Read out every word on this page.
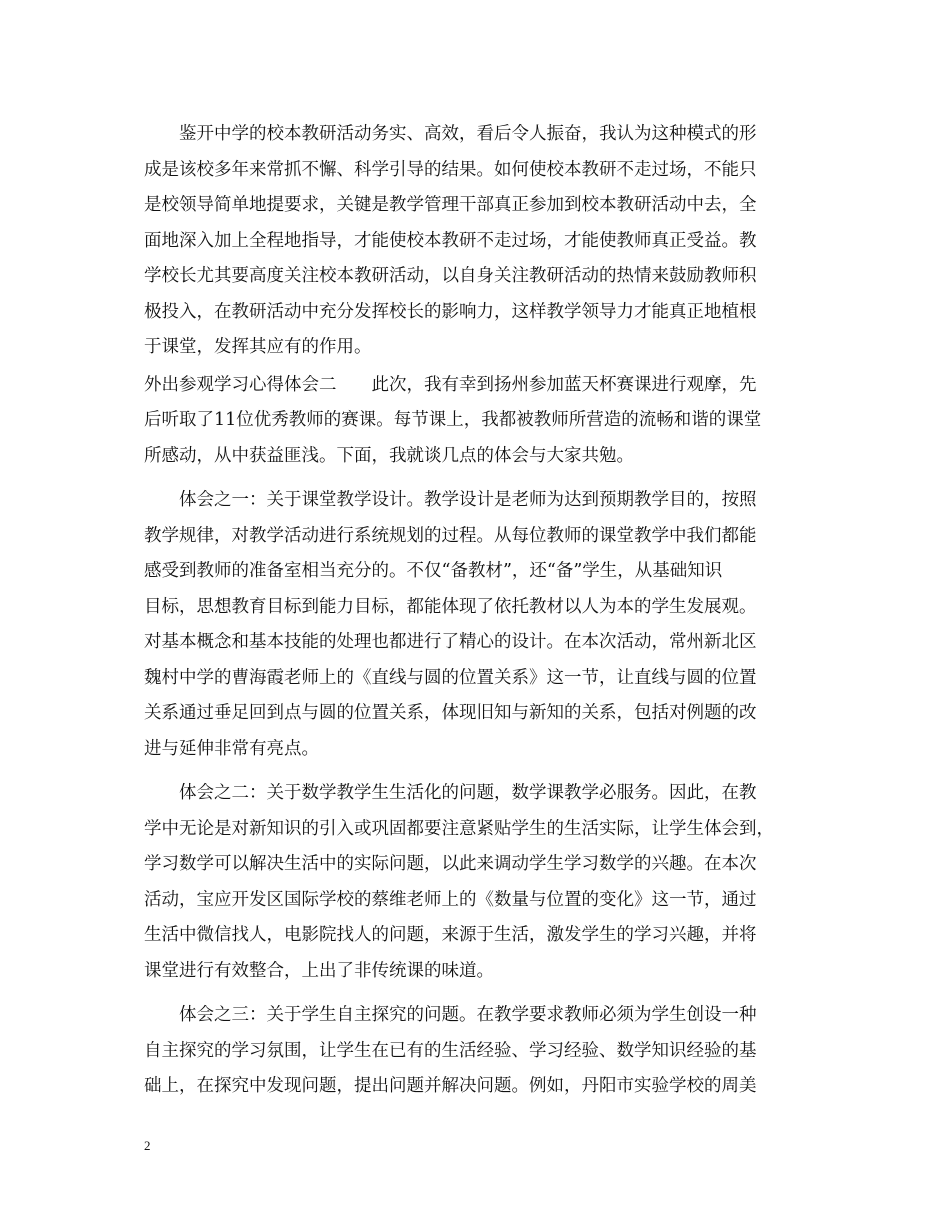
鉴开中学的校本教研活动务实、高效，看后令人振奋，我认为这种模式的形
成是该校多年来常抓不懈、科学引导的结果。如何使校本教研不走过场，不能只
是校领导简单地提要求，关键是教学管理干部真正参加到校本教研活动中去，全
面地深入加上全程地指导，才能使校本教研不走过场，才能使教师真正受益。教
学校长尤其要高度关注校本教研活动，以自身关注教研活动的热情来鼓励教师积
极投入，在教研活动中充分发挥校长的影响力，这样教学领导力才能真正地植根
于课堂，发挥其应有的作用。
外出参观学习心得体会二　　此次，我有幸到扬州参加蓝天杯赛课进行观摩，先
后听取了11位优秀教师的赛课。每节课上，我都被教师所营造的流畅和谐的课堂
所感动，从中获益匪浅。下面，我就谈几点的体会与大家共勉。
体会之一：关于课堂教学设计。教学设计是老师为达到预期教学目的，按照
教学规律，对教学活动进行系统规划的过程。从每位教师的课堂教学中我们都能
感受到教师的准备室相当充分的。不仅“备教材”，还“备”学生，从基础知识
目标，思想教育目标到能力目标，都能体现了依托教材以人为本的学生发展观。
对基本概念和基本技能的处理也都进行了精心的设计。在本次活动，常州新北区
魏村中学的曹海霞老师上的《直线与圆的位置关系》这一节，让直线与圆的位置
关系通过垂足回到点与圆的位置关系，体现旧知与新知的关系，包括对例题的改
进与延伸非常有亮点。
体会之二：关于数学教学生生活化的问题，数学课教学必服务。因此，在教
学中无论是对新知识的引入或巩固都要注意紧贴学生的生活实际，让学生体会到，
学习数学可以解决生活中的实际问题，以此来调动学生学习数学的兴趣。在本次
活动，宝应开发区国际学校的蔡维老师上的《数量与位置的变化》这一节，通过
生活中微信找人，电影院找人的问题，来源于生活，激发学生的学习兴趣，并将
课堂进行有效整合，上出了非传统课的味道。
体会之三：关于学生自主探究的问题。在教学要求教师必须为学生创设一种
自主探究的学习氛围，让学生在已有的生活经验、学习经验、数学知识经验的基
础上，在探究中发现问题，提出问题并解决问题。例如，丹阳市实验学校的周美
2
